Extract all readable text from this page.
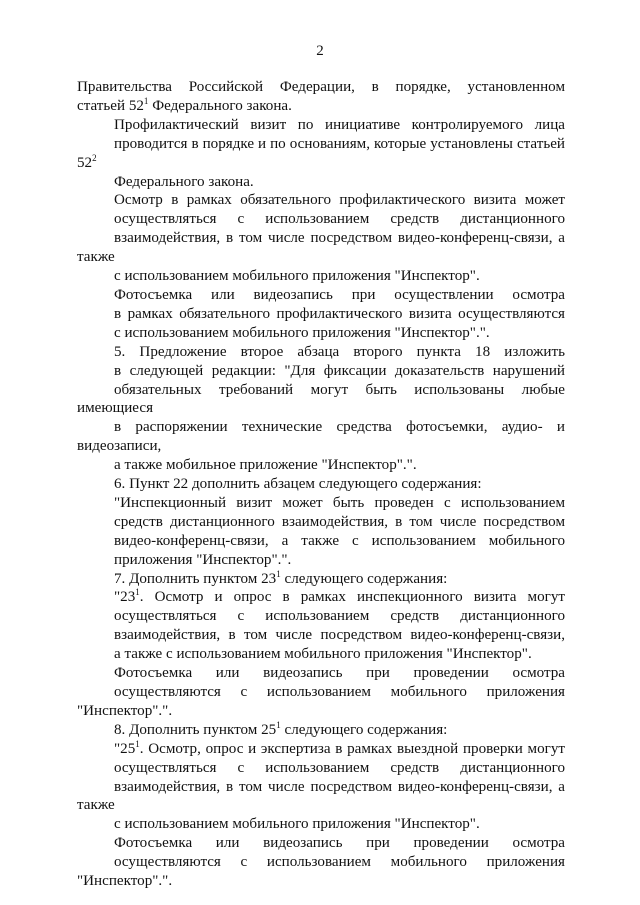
2

Правительства Российской Федерации, в порядке, установленном
статьей $52^1$ Федерального закона.

Профилактический визит по инициативе контролируемого лица
проводится в порядке и по основаниям, которые установлены статьей $52^2$
Федерального закона.

Осмотр в рамках обязательного профилактического визита может
осуществляться с использованием средств дистанционного
взаимодействия, в том числе посредством видео-конференц-связи, а также
с использованием мобильного приложения "Инспектор".

Фотосъемка или видеозапись при осуществлении осмотра
в рамках обязательного профилактического визита осуществляются
с использованием мобильного приложения "Инспектор".".

5. Предложение второе абзаца второго пункта 18 изложить
в следующей редакции: "Для фиксации доказательств нарушений
обязательных требований могут быть использованы любые имеющиеся
в распоряжении технические средства фотосъемки, аудио- и видеозаписи,
а также мобильное приложение "Инспектор".".

6. Пункт 22 дополнить абзацем следующего содержания:

"Инспекционный визит может быть проведен с использованием
средств дистанционного взаимодействия, в том числе посредством
видео-конференц-связи, а также с использованием мобильного
приложения "Инспектор".".

7. Дополнить пунктом $23^1$ следующего содержания:

"$23^1$. Осмотр и опрос в рамках инспекционного визита могут
осуществляться с использованием средств дистанционного
взаимодействия, в том числе посредством видео-конференц-связи,
а также с использованием мобильного приложения "Инспектор".

Фотосъемка или видеозапись при проведении осмотра
осуществляются с использованием мобильного приложения "Инспектор".".

8. Дополнить пунктом $25^1$ следующего содержания:

"$25^1$. Осмотр, опрос и экспертиза в рамках выездной проверки могут
осуществляться с использованием средств дистанционного
взаимодействия, в том числе посредством видео-конференц-связи, а также
с использованием мобильного приложения "Инспектор".

Фотосъемка или видеозапись при проведении осмотра
осуществляются с использованием мобильного приложения "Инспектор".".
